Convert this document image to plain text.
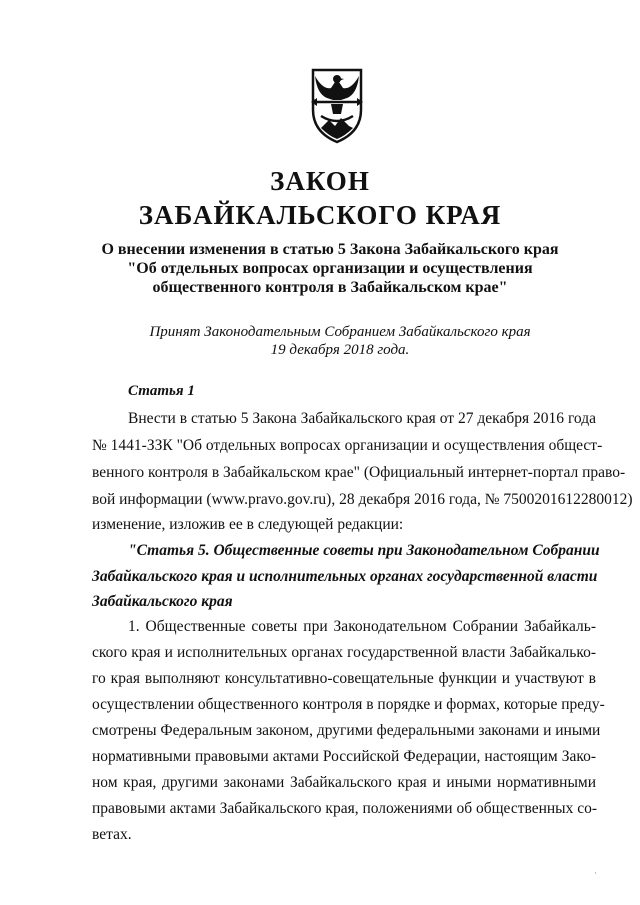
ЗАКОН
ЗАБАЙКАЛЬСКОГО КРАЯ
О внесении изменения в статью 5 Закона Забайкальского края
"Об отдельных вопросах организации и осуществления
общественного контроля в Забайкальском крае"
Принят Законодательным Собранием Забайкальского края
19 декабря 2018 года.
Статья 1
Внести в статью 5 Закона Забайкальского края от 27 декабря 2016 года
№ 1441-ЗЗК "Об отдельных вопросах организации и осуществления общест-
венного контроля в Забайкальском крае" (Официальный интернет-портал право-
вой информации (www.pravo.gov.ru), 28 декабря 2016 года, № 7500201612280012)
изменение, изложив ее в следующей редакции:
"Статья 5. Общественные советы при Законодательном Собрании
Забайкальского края и исполнительных органах государственной власти
Забайкальского края
1. Общественные советы при Законодательном Собрании Забайкаль-
ского края и исполнительных органах государственной власти Забайкалько-
го края выполняют консультативно-совещательные функции и участвуют в
осуществлении общественного контроля в порядке и формах, которые преду-
смотрены Федеральным законом, другими федеральными законами и иными
нормативными правовыми актами Российской Федерации, настоящим Зако-
ном края, другими законами Забайкальского края и иными нормативными
правовыми актами Забайкальского края, положениями об общественных со-
ветах.
·
